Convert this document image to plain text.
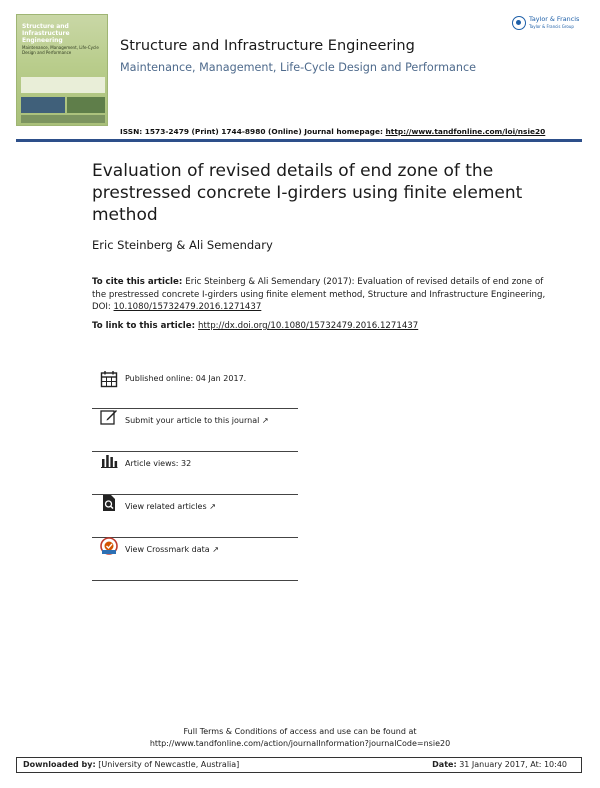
Structure and Infrastructure Engineering
Maintenance, Management, Life-Cycle Design and Performance
Taylor & Francis
Taylor & Francis Group
Structure and Infrastructure Engineering
Maintenance, Management, Life-Cycle Design and Performance
ISSN: 1573-2479 (Print) 1744-8980 (Online) Journal homepage: http://www.tandfonline.com/loi/nsie20
Evaluation of revised details of end zone of the prestressed concrete I-girders using finite element method
Eric Steinberg & Ali Semendary
To cite this article: Eric Steinberg & Ali Semendary (2017): Evaluation of revised details of end zone of the prestressed concrete I-girders using finite element method, Structure and Infrastructure Engineering, DOI: 10.1080/15732479.2016.1271437
To link to this article: http://dx.doi.org/10.1080/15732479.2016.1271437
Published online: 04 Jan 2017.
Submit your article to this journal ↗
Article views: 32
View related articles ↗
View Crossmark data ↗
Full Terms & Conditions of access and use can be found at
http://www.tandfonline.com/action/journalInformation?journalCode=nsie20
Downloaded by: [University of Newcastle, Australia]	Date: 31 January 2017, At: 10:40
